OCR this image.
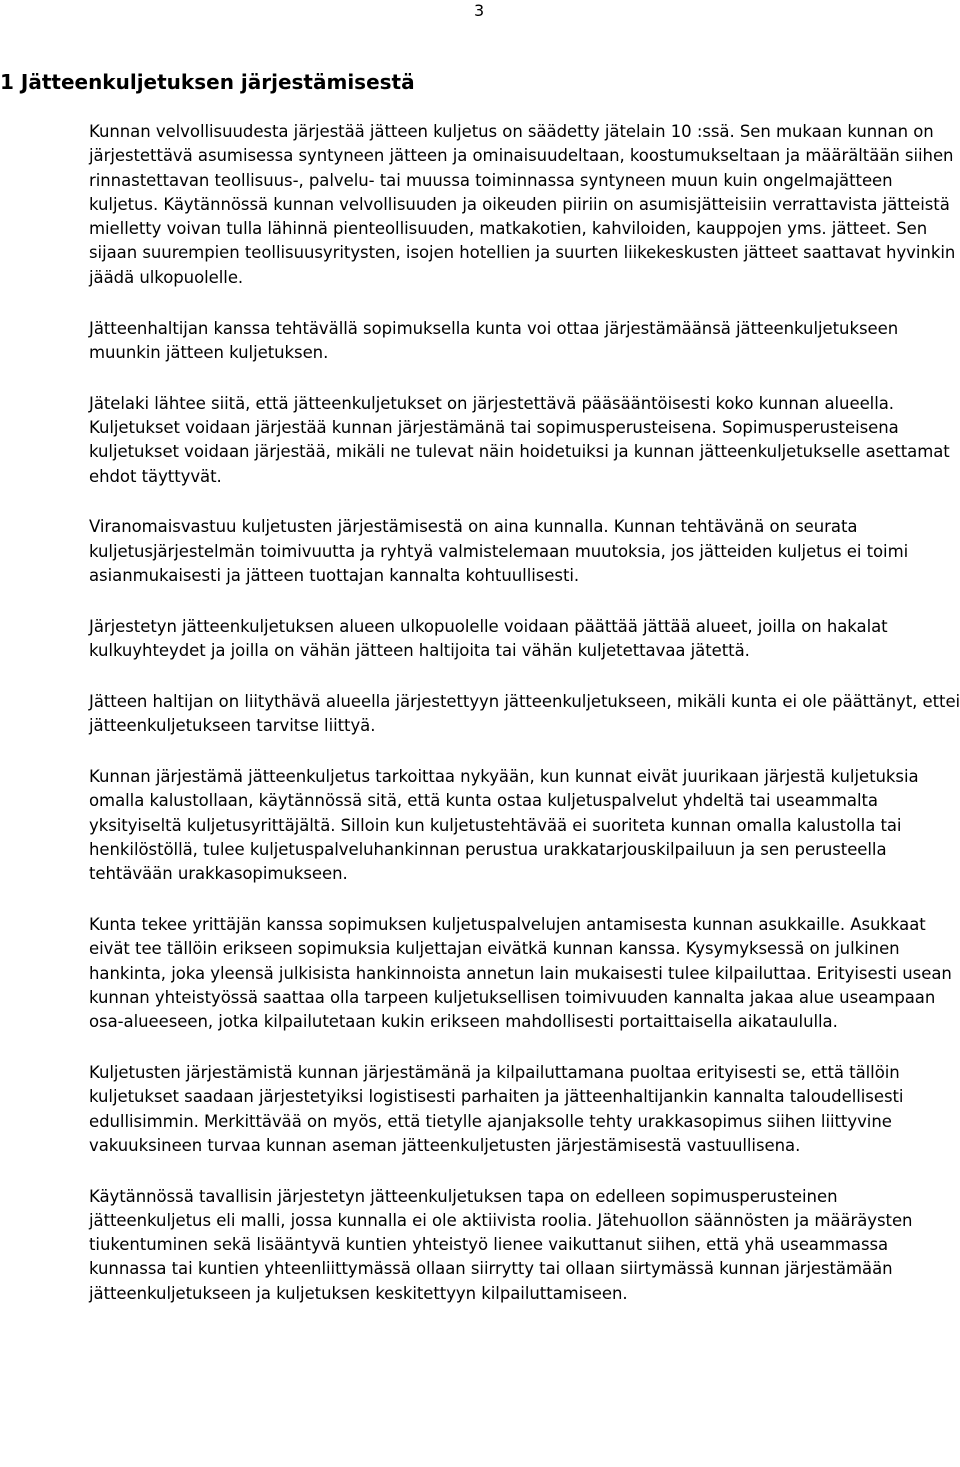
3
1 Jätteenkuljetuksen järjestämisestä

Kunnan velvollisuudesta järjestää jätteen kuljetus on säädetty jätelain 10 :ssä. Sen mukaan kunnan on järjestettävä asumisessa syntyneen jätteen ja ominaisuudeltaan, koostumukseltaan ja määrältään siihen rinnastettavan teollisuus-, palvelu- tai muussa toiminnassa syntyneen muun kuin ongelmajätteen kuljetus. Käytännössä kunnan velvollisuuden ja oikeuden piiriin on asumisjätteisiin verrattavista jätteistä mielletty voivan tulla lähinnä pienteollisuuden, matkakotien, kahviloiden, kauppojen yms. jätteet. Sen sijaan suurempien teollisuusyritysten, isojen hotellien ja suurten liikekeskusten jätteet saattavat hyvinkin jäädä ulkopuolelle.

Jätteenhaltijan kanssa tehtävällä sopimuksella kunta voi ottaa järjestämäänsä jätteenkuljetukseen muunkin jätteen kuljetuksen.

Jätelaki lähtee siitä, että jätteenkuljetukset on järjestettävä pääsääntöisesti koko kunnan alueella. Kuljetukset voidaan järjestää kunnan järjestämänä tai sopimusperusteisena. Sopimusperusteisena kuljetukset voidaan järjestää, mikäli ne tulevat näin hoidetuiksi ja kunnan jätteenkuljetukselle asettamat ehdot täyttyvät.

Viranomaisvastuu kuljetusten järjestämisestä on aina kunnalla. Kunnan tehtävänä on seurata kuljetusjärjestelmän toimivuutta ja ryhtyä valmistelemaan muutoksia, jos jätteiden kuljetus ei toimi asianmukaisesti ja jätteen tuottajan kannalta kohtuullisesti.

Järjestetyn jätteenkuljetuksen alueen ulkopuolelle voidaan päättää jättää alueet, joilla on hakalat kulkuyhteydet ja joilla on vähän jätteen haltijoita tai vähän kuljetettavaa jätettä.

Jätteen haltijan on liitythävä alueella järjestettyyn jätteenkuljetukseen, mikäli kunta ei ole päättänyt, ettei jätteenkuljetukseen tarvitse liittyä.

Kunnan järjestämä jätteenkuljetus tarkoittaa nykyään, kun kunnat eivät juurikaan järjestä kuljetuksia omalla kalustollaan, käytännössä sitä, että kunta ostaa kuljetuspalvelut yhdeltä tai useammalta yksityiseltä kuljetusyrittäjältä. Silloin kun kuljetustehtävää ei suoriteta kunnan omalla kalustolla tai henkilöstöllä, tulee kuljetuspalveluhankinnan perustua urakkatarjouskilpailuun ja sen perusteella tehtävään urakkasopimukseen.

Kunta tekee yrittäjän kanssa sopimuksen kuljetuspalvelujen antamisesta kunnan asukkaille. Asukkaat eivät tee tällöin erikseen sopimuksia kuljettajan eivätkä kunnan kanssa. Kysymyksessä on julkinen hankinta, joka yleensä julkisista hankinnoista annetun lain mukaisesti tulee kilpailuttaa. Erityisesti usean kunnan yhteistyössä saattaa olla tarpeen kuljetuksellisen toimivuuden kannalta jakaa alue useampaan osa-alueeseen, jotka kilpailutetaan kukin erikseen mahdollisesti portaittaisella aikataululla.

Kuljetusten järjestämistä kunnan järjestämänä ja kilpailuttamana puoltaa erityisesti se, että tällöin kuljetukset saadaan järjestetyiksi logistisesti parhaiten ja jätteenhaltijankin kannalta taloudellisesti edullisimmin. Merkittävää on myös, että tietylle ajanjaksolle tehty urakkasopimus siihen liittyvine vakuuksineen turvaa kunnan aseman jätteenkuljetusten järjestämisestä vastuullisena.

Käytännössä tavallisin järjestetyn jätteenkuljetuksen tapa on edelleen sopimusperusteinen jätteenkuljetus eli malli, jossa kunnalla ei ole aktiivista roolia. Jätehuollon säännösten ja määräysten tiukentuminen sekä lisääntyvä kuntien yhteistyö lienee vaikuttanut siihen, että yhä useammassa kunnassa tai kuntien yhteenliittymässä ollaan siirrytty tai ollaan siirtymässä kunnan järjestämään jätteenkuljetukseen ja kuljetuksen keskitettyyn kilpailuttamiseen.
